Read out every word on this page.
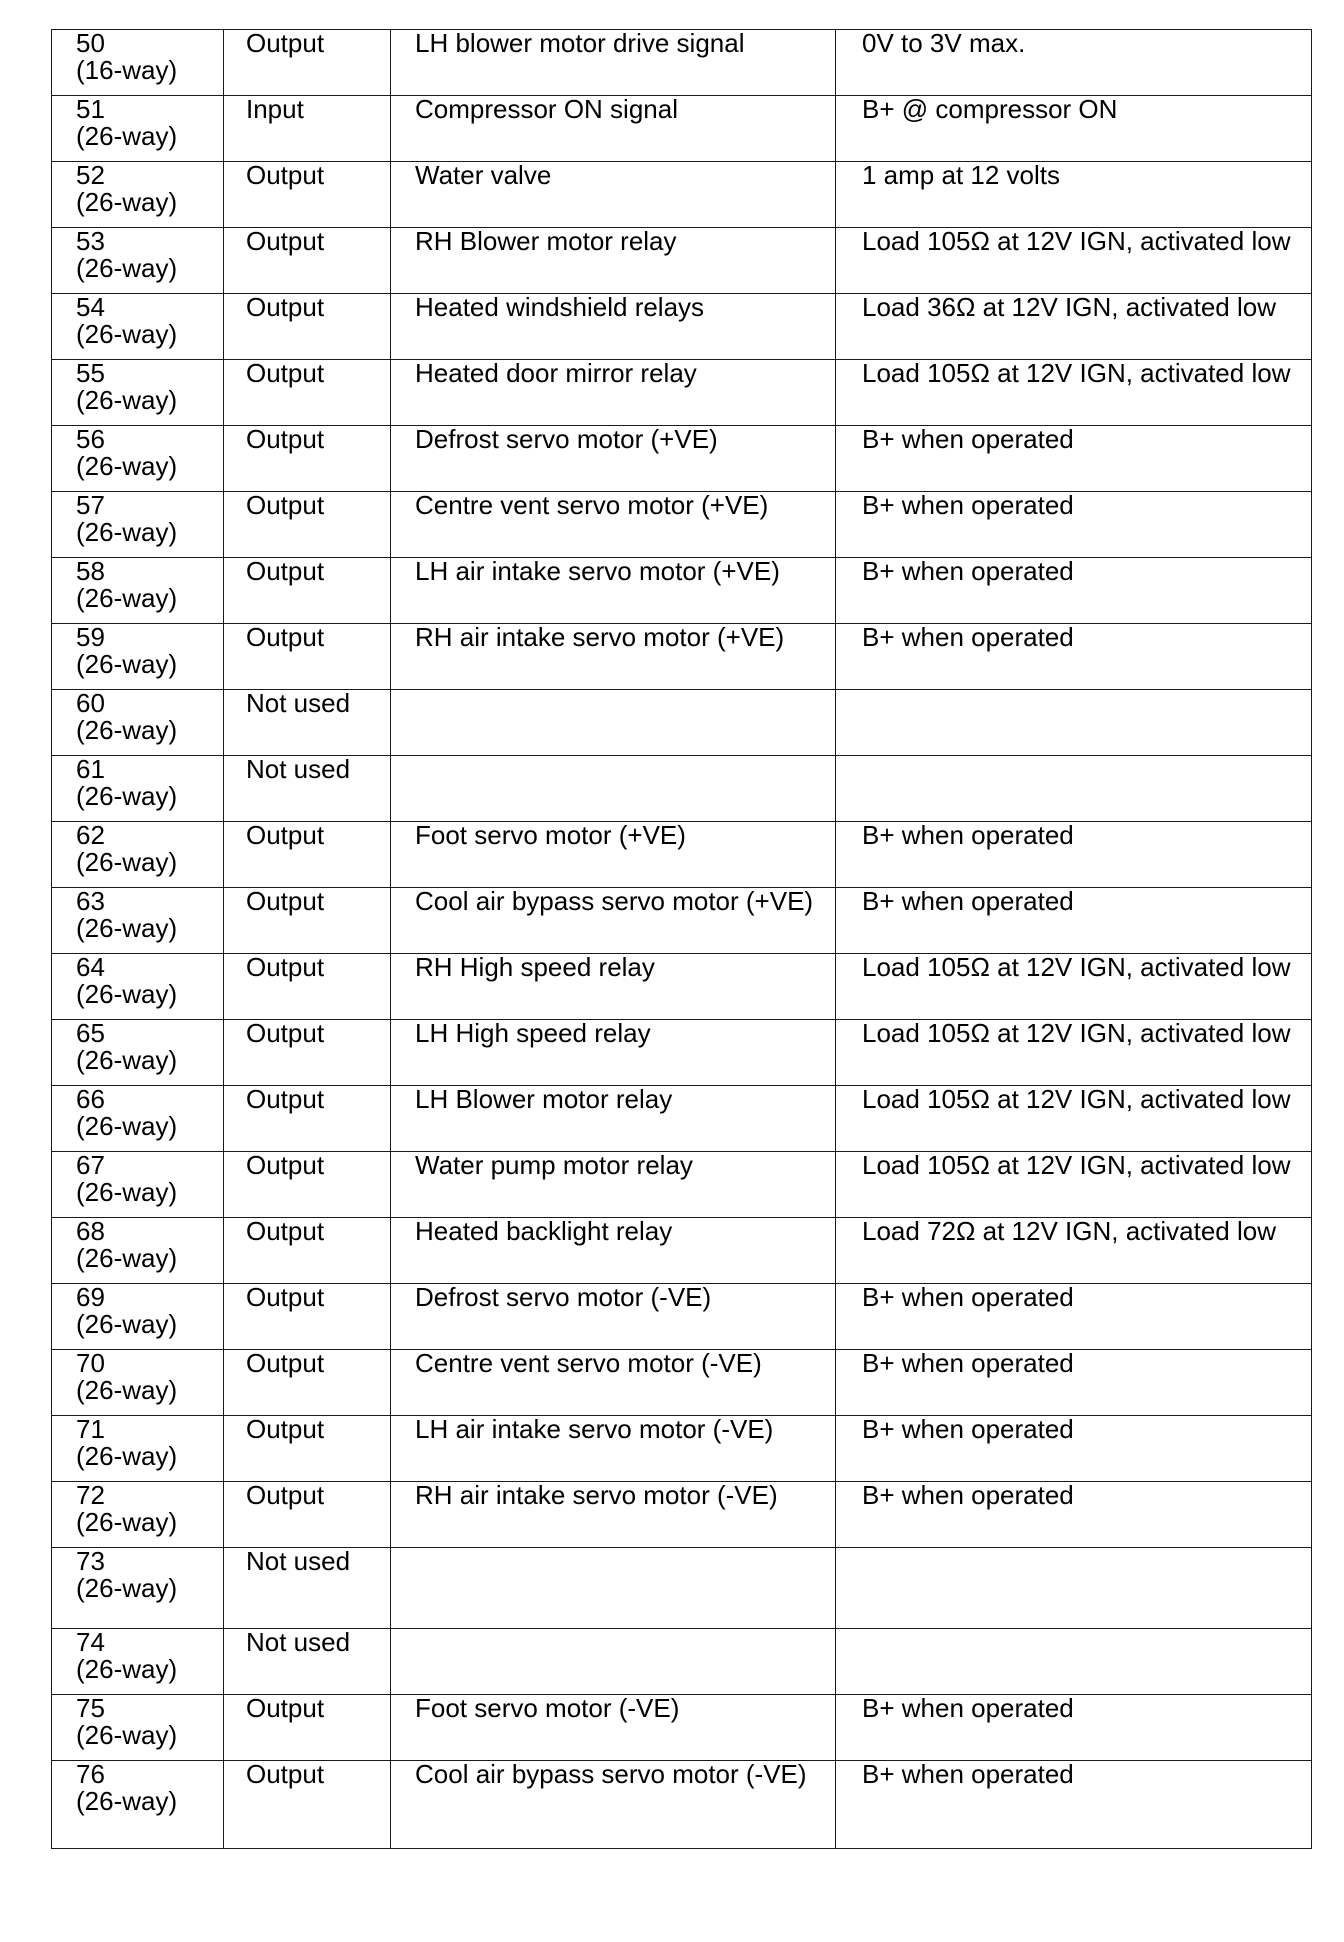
50
(16-way)	Output	LH blower motor drive signal	0V to 3V max.

51
(26-way)	Input	Compressor ON signal	B+ @ compressor ON

52
(26-way)	Output	Water valve	1 amp at 12 volts

53
(26-way)	Output	RH Blower motor relay	Load 105Ω at 12V IGN, activated low

54
(26-way)	Output	Heated windshield relays	Load 36Ω at 12V IGN, activated low

55
(26-way)	Output	Heated door mirror relay	Load 105Ω at 12V IGN, activated low

56
(26-way)	Output	Defrost servo motor (+VE)	B+ when operated

57
(26-way)	Output	Centre vent servo motor (+VE)	B+ when operated

58
(26-way)	Output	LH air intake servo motor (+VE)	B+ when operated

59
(26-way)	Output	RH air intake servo motor (+VE)	B+ when operated

60
(26-way)	Not used		

61
(26-way)	Not used		

62
(26-way)	Output	Foot servo motor (+VE)	B+ when operated

63
(26-way)	Output	Cool air bypass servo motor (+VE)	B+ when operated

64
(26-way)	Output	RH High speed relay	Load 105Ω at 12V IGN, activated low

65
(26-way)	Output	LH High speed relay	Load 105Ω at 12V IGN, activated low

66
(26-way)	Output	LH Blower motor relay	Load 105Ω at 12V IGN, activated low

67
(26-way)	Output	Water pump motor relay	Load 105Ω at 12V IGN, activated low

68
(26-way)	Output	Heated backlight relay	Load 72Ω at 12V IGN, activated low

69
(26-way)	Output	Defrost servo motor (-VE)	B+ when operated

70
(26-way)	Output	Centre vent servo motor (-VE)	B+ when operated

71
(26-way)	Output	LH air intake servo motor (-VE)	B+ when operated

72
(26-way)	Output	RH air intake servo motor (-VE)	B+ when operated

73
(26-way)	Not used		

74
(26-way)	Not used		

75
(26-way)	Output	Foot servo motor (-VE)	B+ when operated

76
(26-way)	Output	Cool air bypass servo motor (-VE)	B+ when operated
